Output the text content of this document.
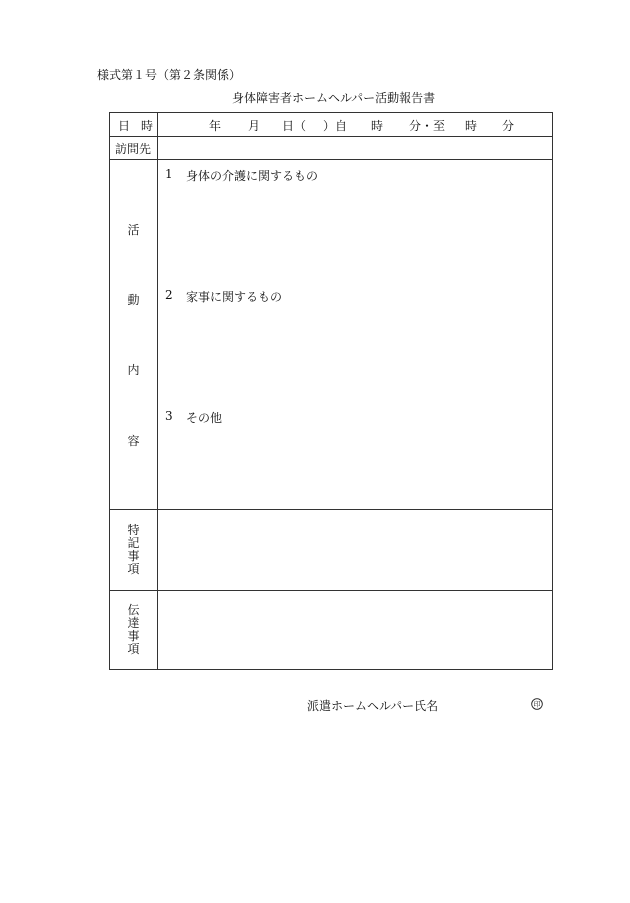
様式第１号（第２条関係）
身体障害者ホームヘルパー活動報告書
日 時	年 月 日（ ）自 時 分・至 時 分
訪問先
活
動
内
容
1 身体の介護に関するもの
2 家事に関するもの
3 その他
特
記
事
項
伝
達
事
項
派遣ホームヘルパー氏名	印
